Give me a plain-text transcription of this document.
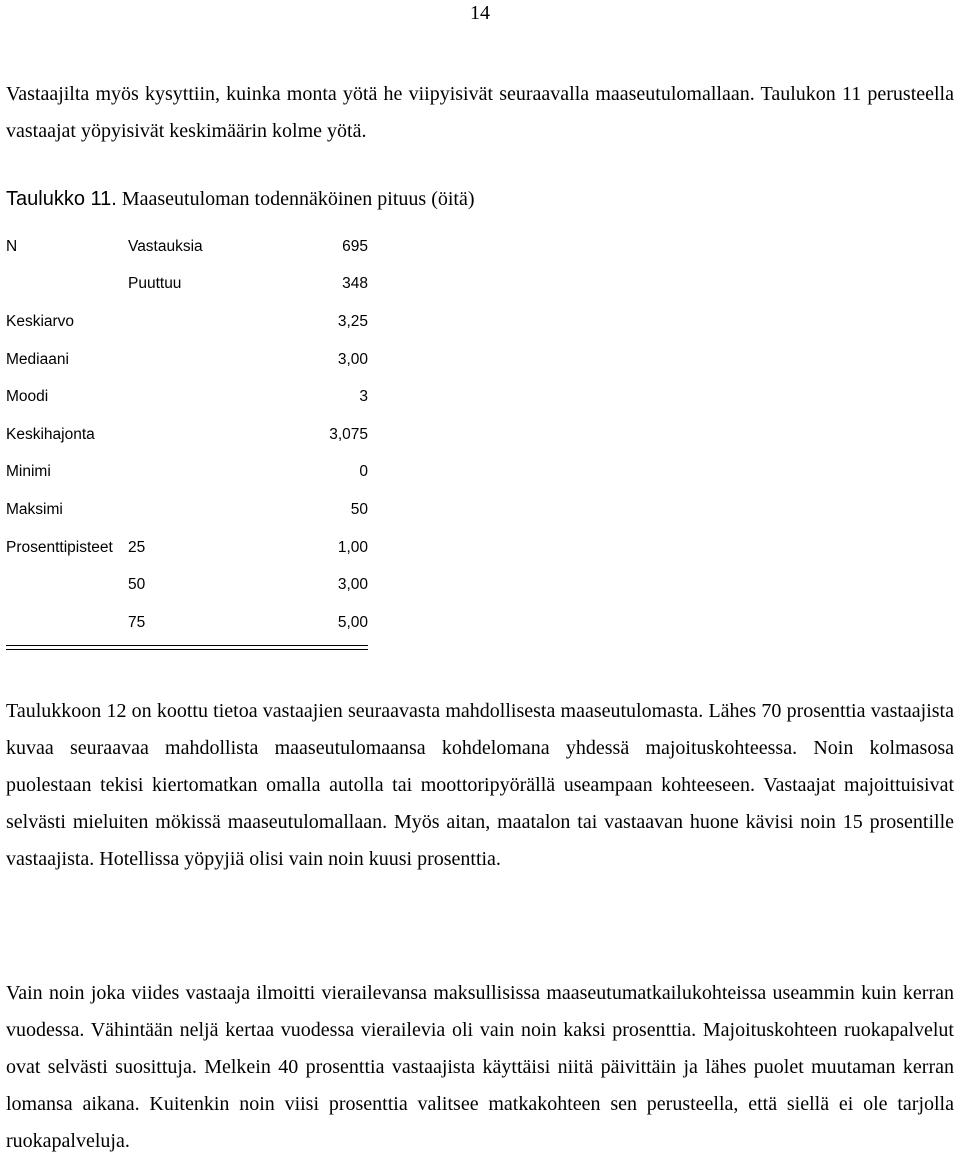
14

Vastaajilta myös kysyttiin, kuinka monta yötä he viipyisivät seuraavalla maaseutulomallaan. Taulukon 11 perusteella vastaajat yöpyisivät keskimäärin kolme yötä.

Taulukko 11. Maaseutuloman todennäköinen pituus (öitä)
N	Vastauksia	695
	Puuttuu	348
Keskiarvo		3,25
Mediaani		3,00
Moodi		3
Keskihajonta		3,075
Minimi		0
Maksimi		50
Prosenttipisteet	25	1,00
	50	3,00
	75	5,00

Taulukkoon 12 on koottu tietoa vastaajien seuraavasta mahdollisesta maaseutulomasta. Lähes 70 prosenttia vastaajista kuvaa seuraavaa mahdollista maaseutulomaansa kohdelomana yhdessä majoituskohteessa. Noin kolmasosa puolestaan tekisi kiertomatkan omalla autolla tai moottoripyörällä useampaan kohteeseen. Vastaajat majoittuisivat selvästi mieluiten mökissä maaseutulomallaan. Myös aitan, maatalon tai vastaavan huone kävisi noin 15 prosentille vastaajista. Hotellissa yöpyjiä olisi vain noin kuusi prosenttia.

Vain noin joka viides vastaaja ilmoitti vierailevansa maksullisissa maaseutumatkailukohteissa useammin kuin kerran vuodessa. Vähintään neljä kertaa vuodessa vierailevia oli vain noin kaksi prosenttia. Majoituskohteen ruokapalvelut ovat selvästi suosittuja. Melkein 40 prosenttia vastaajista käyttäisi niitä päivittäin ja lähes puolet muutaman kerran lomansa aikana. Kuitenkin noin viisi prosenttia valitsee matkakohteen sen perusteella, että siellä ei ole tarjolla ruokapalveluja.
